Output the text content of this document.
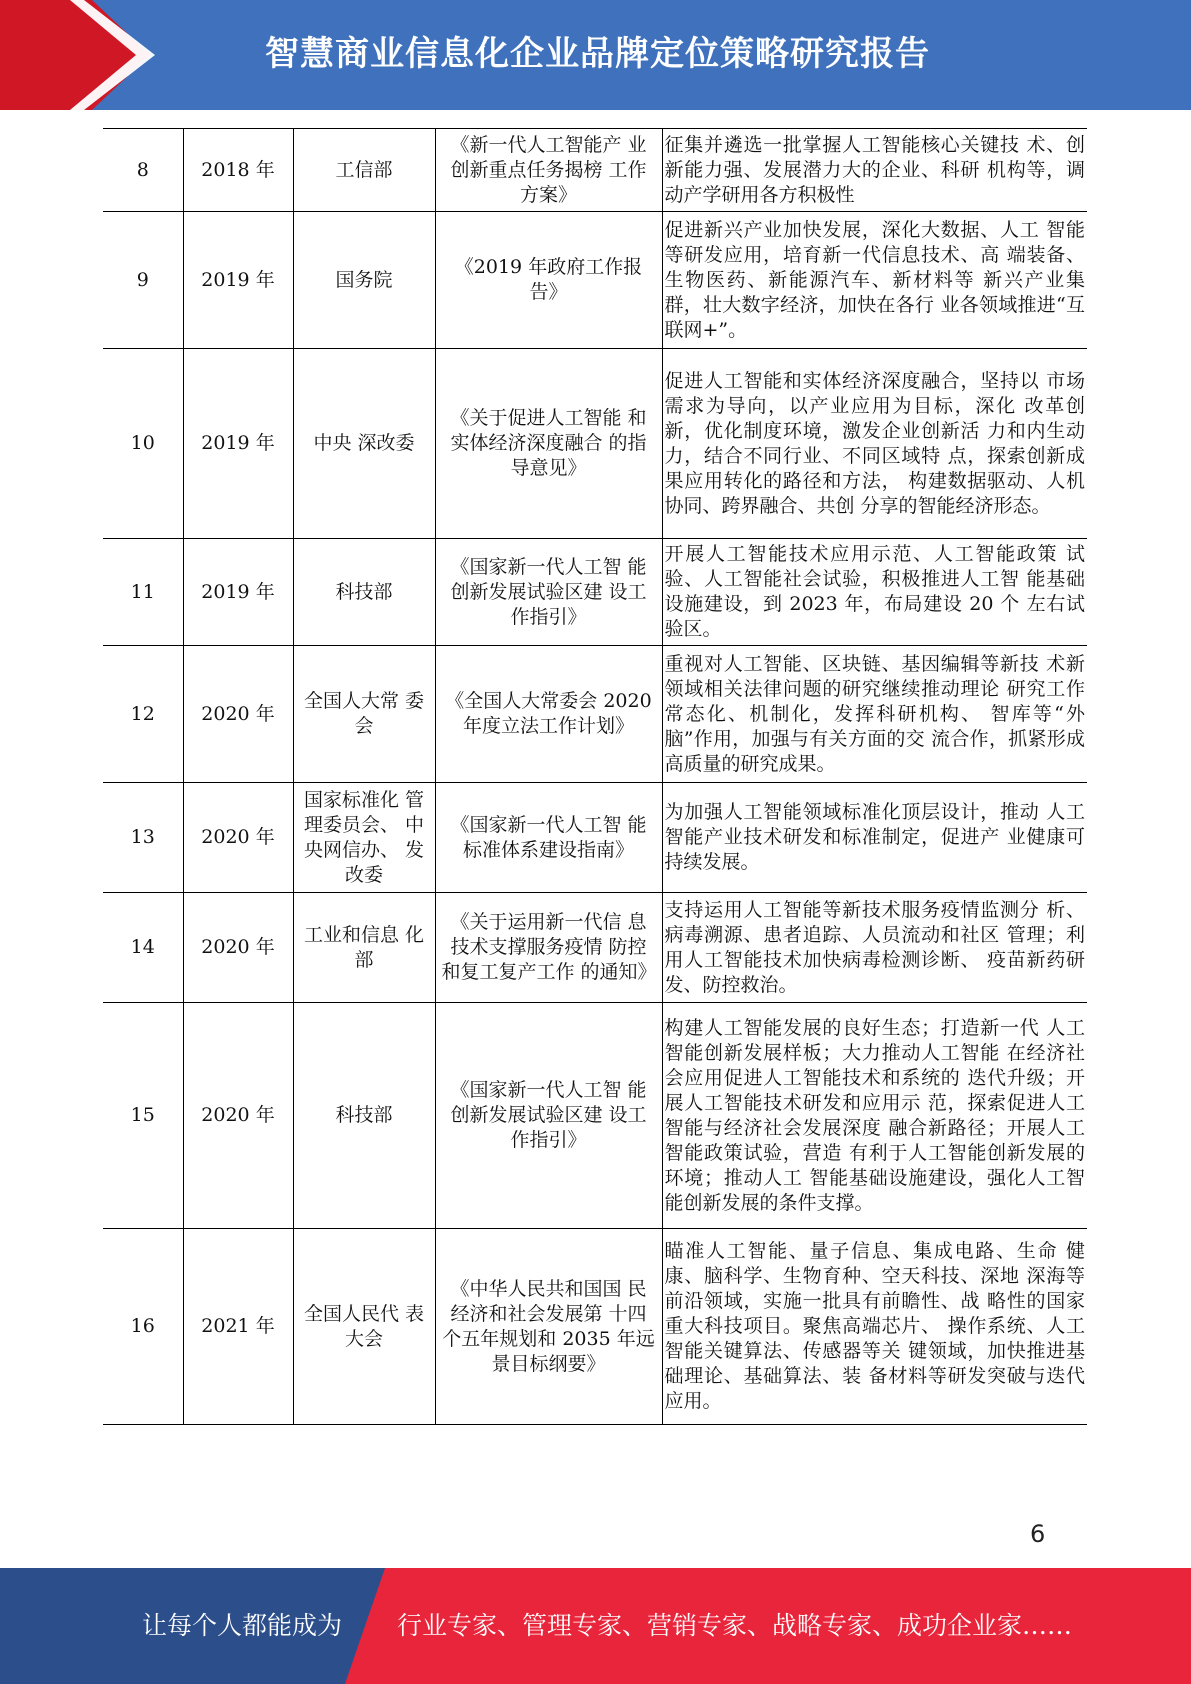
智慧商业信息化企业品牌定位策略研究报告
8	2018 年	工信部	《新一代人工智能产 业创新重点任务揭榜 工作方案》	征集并遴选一批掌握人工智能核心关键技 术、创新能力强、发展潜力大的企业、科研 机构等，调动产学研用各方积极性
9	2019 年	国务院	《2019 年政府工作报告》	促进新兴产业加快发展，深化大数据、人工 智能等研发应用，培育新一代信息技术、高 端装备、生物医药、新能源汽车、新材料等 新兴产业集群，壮大数字经济，加快在各行 业各领域推进“互联网+”。
10	2019 年	中央 深改委	《关于促进人工智能 和实体经济深度融合 的指导意见》	促进人工智能和实体经济深度融合，坚持以 市场需求为导向，以产业应用为目标，深化 改革创新，优化制度环境，激发企业创新活 力和内生动力，结合不同行业、不同区域特 点，探索创新成果应用转化的路径和方法， 构建数据驱动、人机协同、跨界融合、共创 分享的智能经济形态。
11	2019 年	科技部	《国家新一代人工智 能创新发展试验区建 设工作指引》	开展人工智能技术应用示范、人工智能政策 试验、人工智能社会试验，积极推进人工智 能基础设施建设，到 2023 年，布局建设 20 个 左右试验区。
12	2020 年	全国人大常 委会	《全国人大常委会 2020 年度立法工作计划》	重视对人工智能、区块链、基因编辑等新技 术新领域相关法律问题的研究继续推动理论 研究工作常态化、机制化，发挥科研机构、 智库等“外脑”作用，加强与有关方面的交 流合作，抓紧形成高质量的研究成果。
13	2020 年	国家标准化 管理委员会、 中央网信办、 发改委	《国家新一代人工智 能标准体系建设指南》	为加强人工智能领域标准化顶层设计，推动 人工智能产业技术研发和标准制定，促进产 业健康可持续发展。
14	2020 年	工业和信息 化部	《关于运用新一代信 息技术支撑服务疫情 防控和复工复产工作 的通知》	支持运用人工智能等新技术服务疫情监测分 析、病毒溯源、患者追踪、人员流动和社区 管理；利用人工智能技术加快病毒检测诊断、 疫苗新药研发、防控救治。
15	2020 年	科技部	《国家新一代人工智 能创新发展试验区建 设工作指引》	构建人工智能发展的良好生态；打造新一代 人工智能创新发展样板；大力推动人工智能 在经济社会应用促进人工智能技术和系统的 迭代升级；开展人工智能技术研发和应用示 范，探索促进人工智能与经济社会发展深度 融合新路径；开展人工智能政策试验，营造 有利于人工智能创新发展的环境；推动人工 智能基础设施建设，强化人工智能创新发展的条件支撑。
16	2021 年	全国人民代 表大会	《中华人民共和国国 民经济和社会发展第 十四个五年规划和 2035 年远景目标纲要》	瞄准人工智能、量子信息、集成电路、生命 健康、脑科学、生物育种、空天科技、深地 深海等前沿领域，实施一批具有前瞻性、战 略性的国家重大科技项目。聚焦高端芯片、 操作系统、人工智能关键算法、传感器等关 键领域，加快推进基础理论、基础算法、装 备材料等研发突破与迭代应用。
6
让每个人都能成为 行业专家、管理专家、营销专家、战略专家、成功企业家……
